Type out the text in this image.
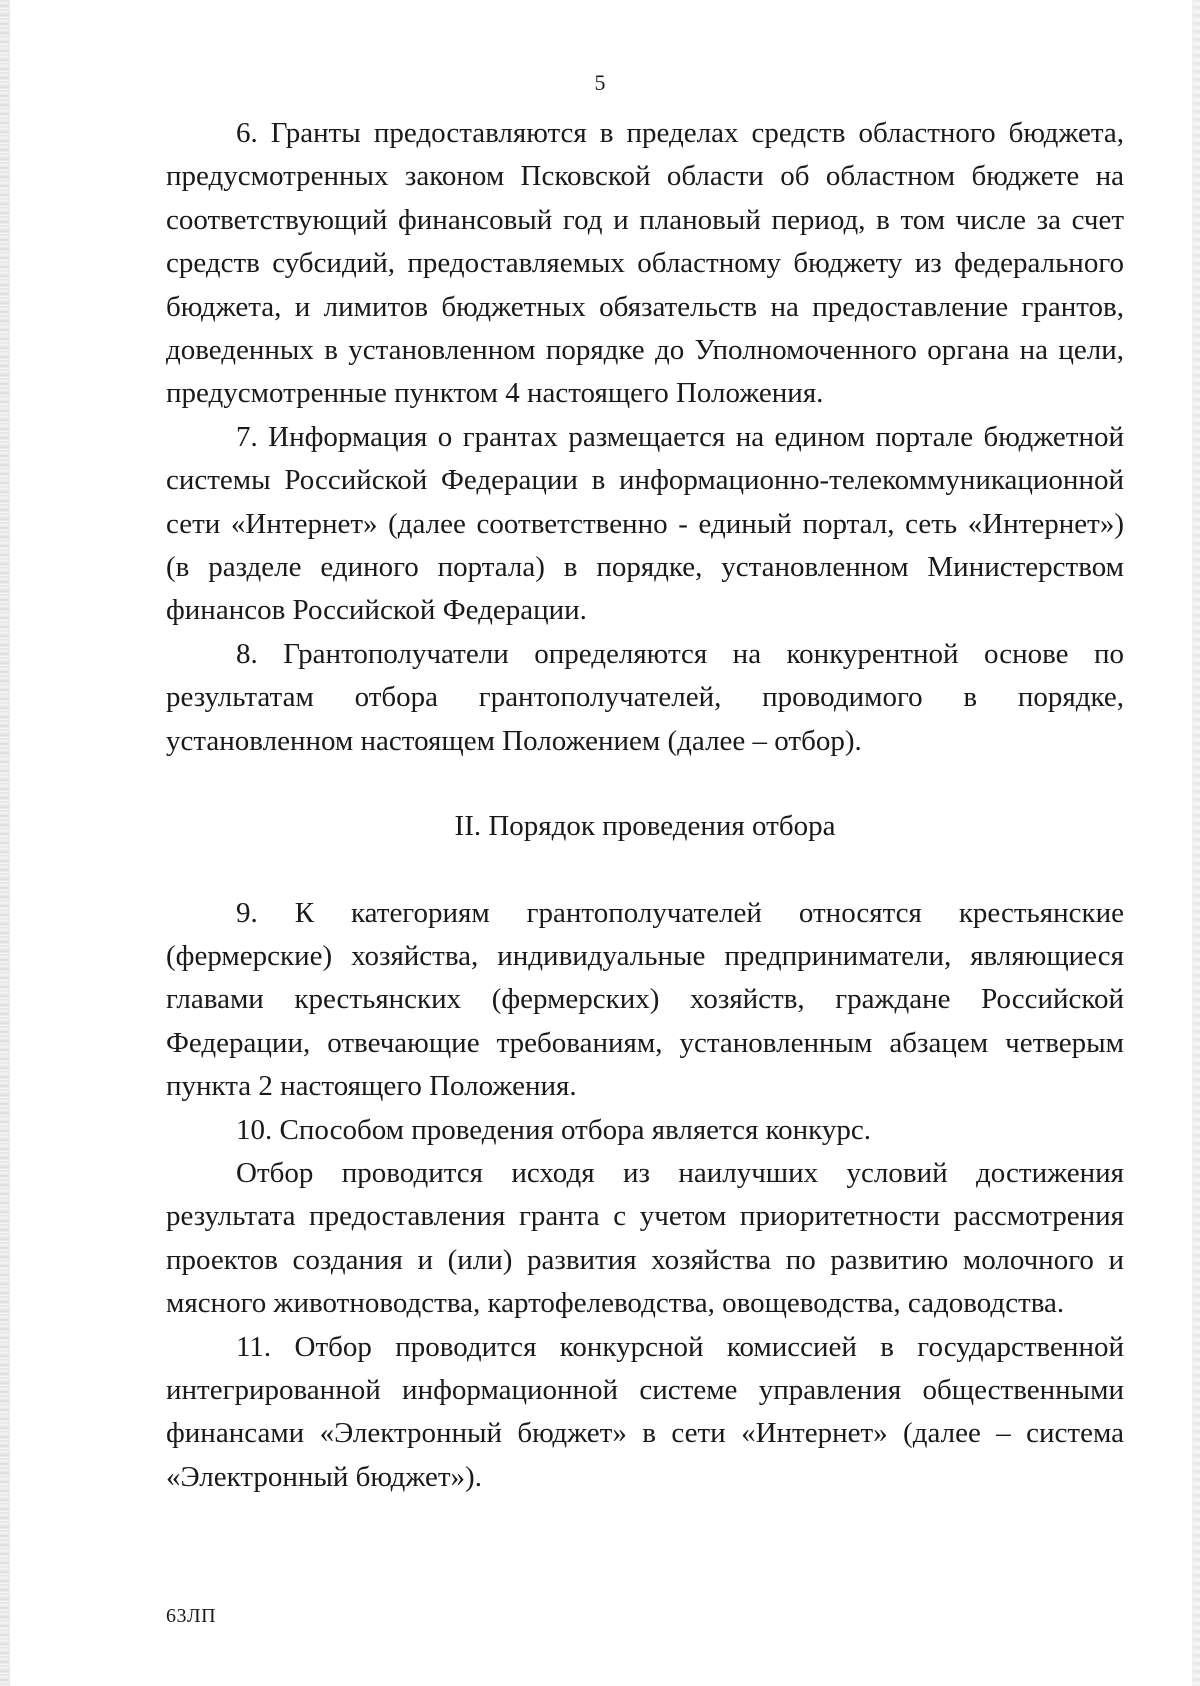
5

6. Гранты предоставляются в пределах средств областного бюджета, предусмотренных законом Псковской области об областном бюджете на соответствующий финансовый год и плановый период, в том числе за счет средств субсидий, предоставляемых областному бюджету из федерального бюджета, и лимитов бюджетных обязательств на предоставление грантов, доведенных в установленном порядке до Уполномоченного органа на цели, предусмотренные пунктом 4 настоящего Положения.

7. Информация о грантах размещается на едином портале бюджетной системы Российской Федерации в информационно-телекоммуникационной сети «Интернет» (далее соответственно - единый портал, сеть «Интернет») (в разделе единого портала) в порядке, установленном Министерством финансов Российской Федерации.

8. Грантополучатели определяются на конкурентной основе по результатам отбора грантополучателей, проводимого в порядке, установленном настоящем Положением (далее – отбор).

II. Порядок проведения отбора

9. К категориям грантополучателей относятся крестьянские (фермерские) хозяйства, индивидуальные предприниматели, являющиеся главами крестьянских (фермерских) хозяйств, граждане Российской Федерации, отвечающие требованиям, установленным абзацем четверым пункта 2 настоящего Положения.

10. Способом проведения отбора является конкурс.

Отбор проводится исходя из наилучших условий достижения результата предоставления гранта с учетом приоритетности рассмотрения проектов создания и (или) развития хозяйства по развитию молочного и мясного животноводства, картофелеводства, овощеводства, садоводства.

11. Отбор проводится конкурсной комиссией в государственной интегрированной информационной системе управления общественными финансами «Электронный бюджет» в сети «Интернет» (далее – система «Электронный бюджет»).

63ЛП
